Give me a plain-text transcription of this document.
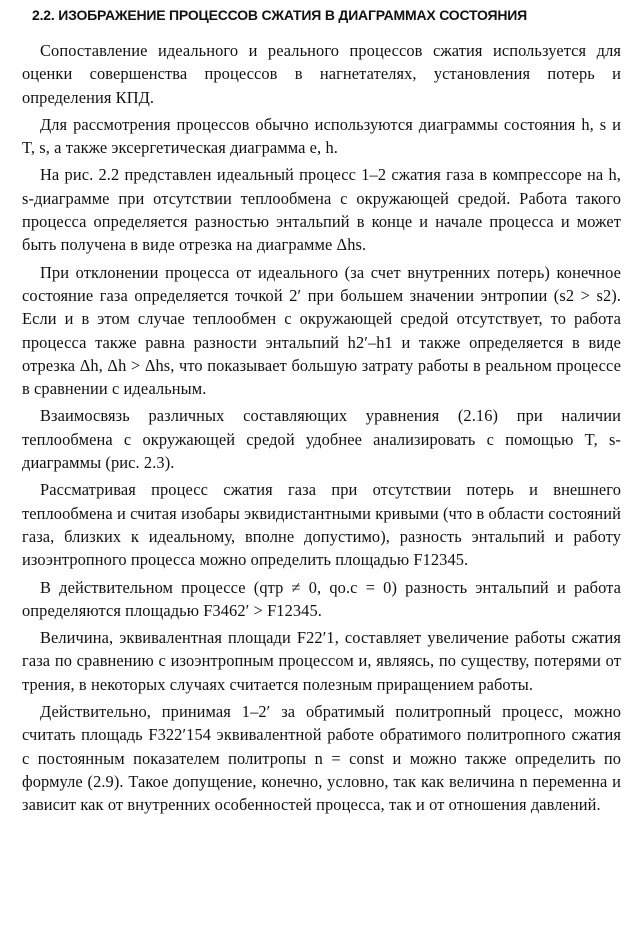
2.2. ИЗОБРАЖЕНИЕ ПРОЦЕССОВ СЖАТИЯ В ДИАГРАММАХ СОСТОЯНИЯ

Сопоставление идеального и реального процессов сжатия используется для оценки совершенства процессов в нагнетателях, установления потерь и определения КПД.

Для рассмотрения процессов обычно используются диаграммы состояния h, s и T, s, а также эксергетическая диаграмма e, h.

На рис. 2.2 представлен идеальный процесс 1–2 сжатия газа в компрессоре на h, s-диаграмме при отсутствии теплообмена с окружающей средой. Работа такого процесса определяется разностью энтальпий в конце и начале процесса и может быть получена в виде отрезка на диаграмме Δhs.

При отклонении процесса от идеального (за счет внутренних потерь) конечное состояние газа определяется точкой 2′ при большем значении энтропии (s2 > s2). Если и в этом случае теплообмен с окружающей средой отсутствует, то работа процесса также равна разности энтальпий h2′–h1 и также определяется в виде отрезка Δh, Δh > Δhs, что показывает большую затрату работы в реальном процессе в сравнении с идеальным.

Взаимосвязь различных составляющих уравнения (2.16) при наличии теплообмена с окружающей средой удобнее анализировать с помощью T, s-диаграммы (рис. 2.3).

Рассматривая процесс сжатия газа при отсутствии потерь и внешнего теплообмена и считая изобары эквидистантными кривыми (что в области состояний газа, близких к идеальному, вполне допустимо), разность энтальпий и работу изоэнтропного процесса можно определить площадью F12345.

В действительном процессе (qтр ≠ 0, qо.с = 0) разность энтальпий и работа определяются площадью F3462′ > F12345.

Величина, эквивалентная площади F22′1, составляет увеличение работы сжатия газа по сравнению с изоэнтропным процессом и, являясь, по существу, потерями от трения, в некоторых случаях считается полезным приращением работы.

Действительно, принимая 1–2′ за обратимый политропный процесс, можно считать площадь F322′154 эквивалентной работе обратимого политропного сжатия с постоянным показателем политропы n = const и можно также определить по формуле (2.9). Такое допущение, конечно, условно, так как величина n переменна и зависит как от внутренних особенностей процесса, так и от отношения давлений.
